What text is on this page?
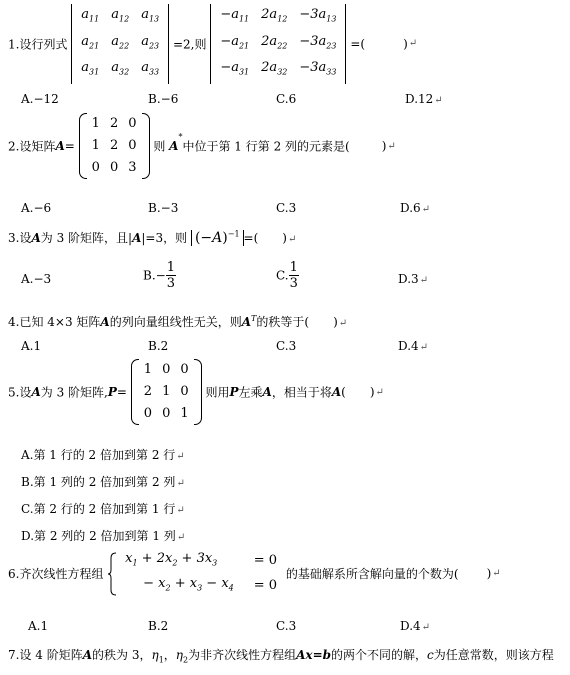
1.设行列式
$a_{11}$	$a_{12}$	$a_{13}$
$a_{21}$	$a_{22}$	$a_{23}$
$a_{31}$	$a_{32}$	$a_{33}$
=2,则
$-a_{11}$	$2a_{12}$	$-3a_{13}$
$-a_{21}$	$2a_{22}$	$-3a_{23}$
$-a_{31}$	$2a_{32}$	$-3a_{33}$
=(	)↵
A.−12	B.−6	C.6	D.12↵
2.设矩阵A=
1	2	0
1	2	0
0	0	3
则 A*中位于第 1 行第 2 列的元素是(	)↵
A.−6	B.−3	C.3	D.6↵
3.设A为 3 阶矩阵，且|A|=3，则 $(-A)^{-1}$ =( )↵
A.−3	$B.- \frac{1}{3}$	C. $\frac{1}{3}$	D.3↵
4.已知 4×3 矩阵A的列向量组线性无关，则$A^T$的秩等于( )↵
A.1	B.2	C.3	D.4↵
5.设A为 3 阶矩阵,P=
1	0	0
2	1	0
0	0	1
则用P左乘A，相当于将A( )↵
A.第 1 行的 2 倍加到第 2 行↵
B.第 1 列的 2 倍加到第 2 列↵
C.第 2 行的 2 倍加到第 1 行↵
D.第 2 列的 2 倍加到第 1 列↵
6.齐次线性方程组

$x_1 + 2x_2 + 3x_3$	= 0
− $x_2 + x_3 - x_4$	= 0
的基础解系所含解向量的个数为( )↵
A.1	B.2	C.3	D.4↵
7.设 4 阶矩阵A的秩为 3，$\eta_1$，$\eta_2$为非齐次线性方程组Ax=b的两个不同的解，c为任意常数，则该方程
